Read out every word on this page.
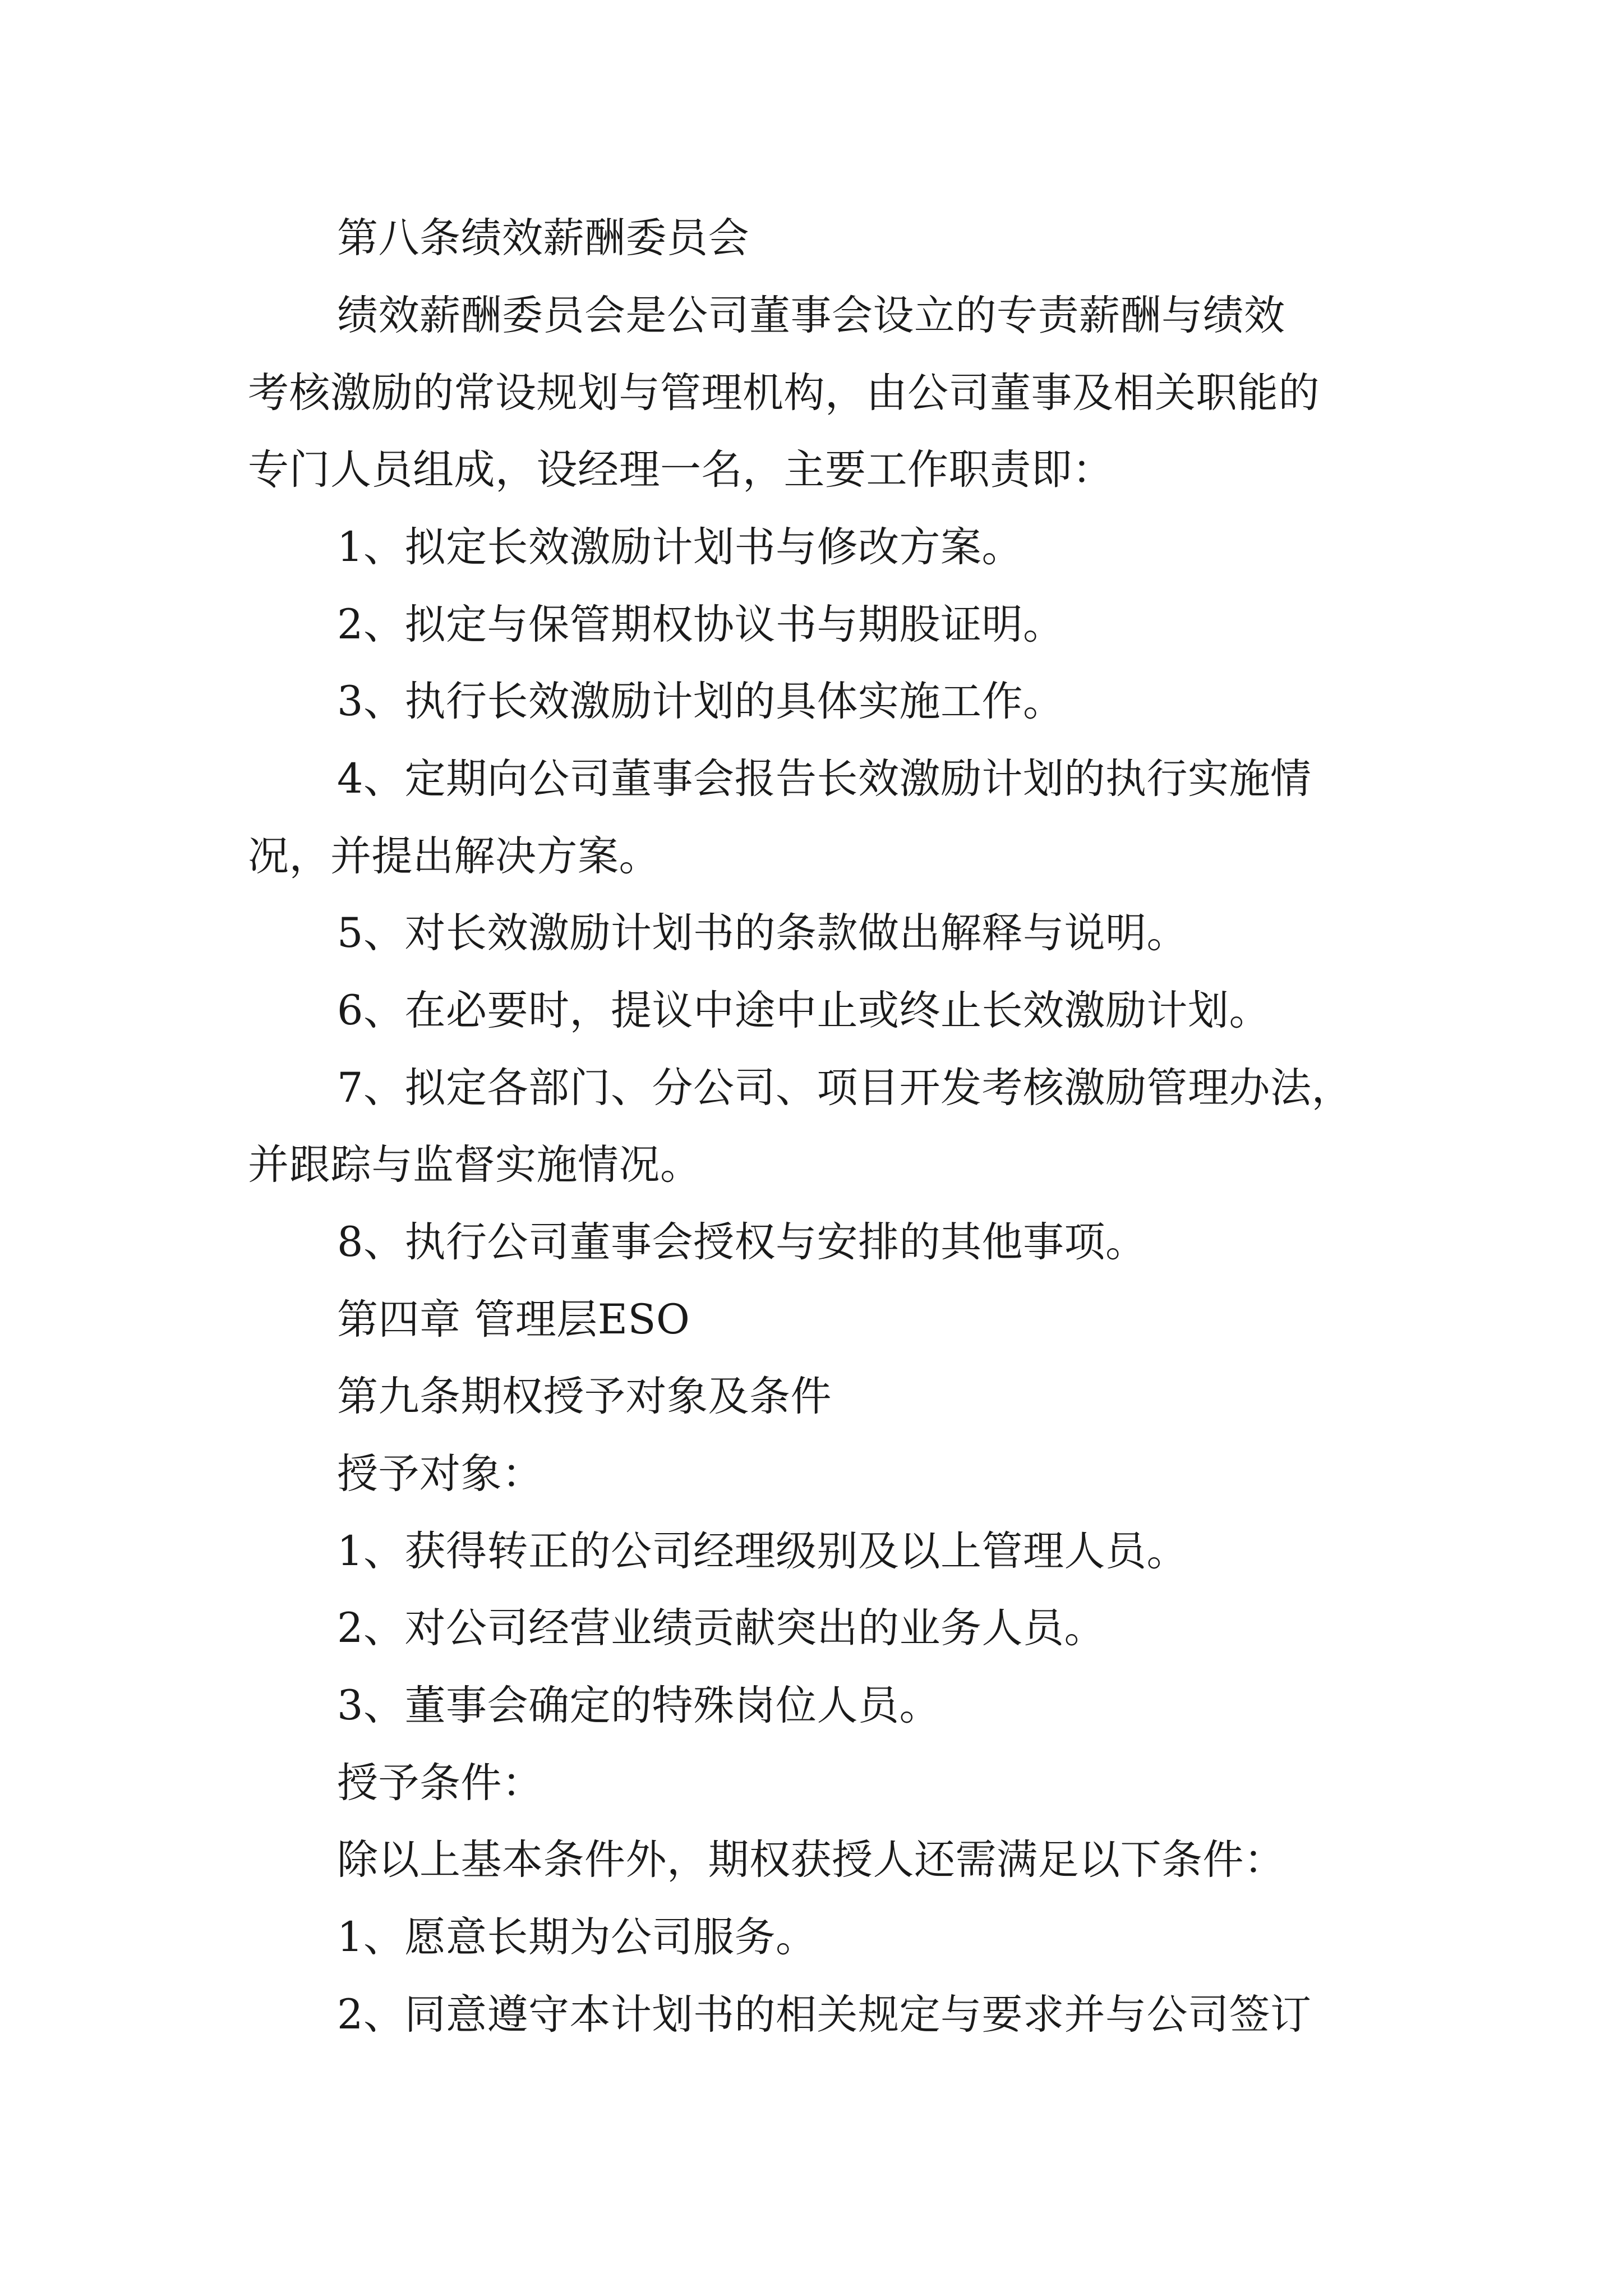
第八条绩效薪酬委员会
绩效薪酬委员会是公司董事会设立的专责薪酬与绩效
考核激励的常设规划与管理机构，由公司董事及相关职能的
专门人员组成，设经理一名，主要工作职责即：
1、拟定长效激励计划书与修改方案。
2、拟定与保管期权协议书与期股证明。
3、执行长效激励计划的具体实施工作。
4、定期向公司董事会报告长效激励计划的执行实施情
况，并提出解决方案。
5、对长效激励计划书的条款做出解释与说明。
6、在必要时，提议中途中止或终止长效激励计划。
7、拟定各部门、分公司、项目开发考核激励管理办法，
并跟踪与监督实施情况。
8、执行公司董事会授权与安排的其他事项。
第四章 管理层ESO
第九条期权授予对象及条件
授予对象：
1、获得转正的公司经理级别及以上管理人员。
2、对公司经营业绩贡献突出的业务人员。
3、董事会确定的特殊岗位人员。
授予条件：
除以上基本条件外，期权获授人还需满足以下条件：
1、愿意长期为公司服务。
2、同意遵守本计划书的相关规定与要求并与公司签订
